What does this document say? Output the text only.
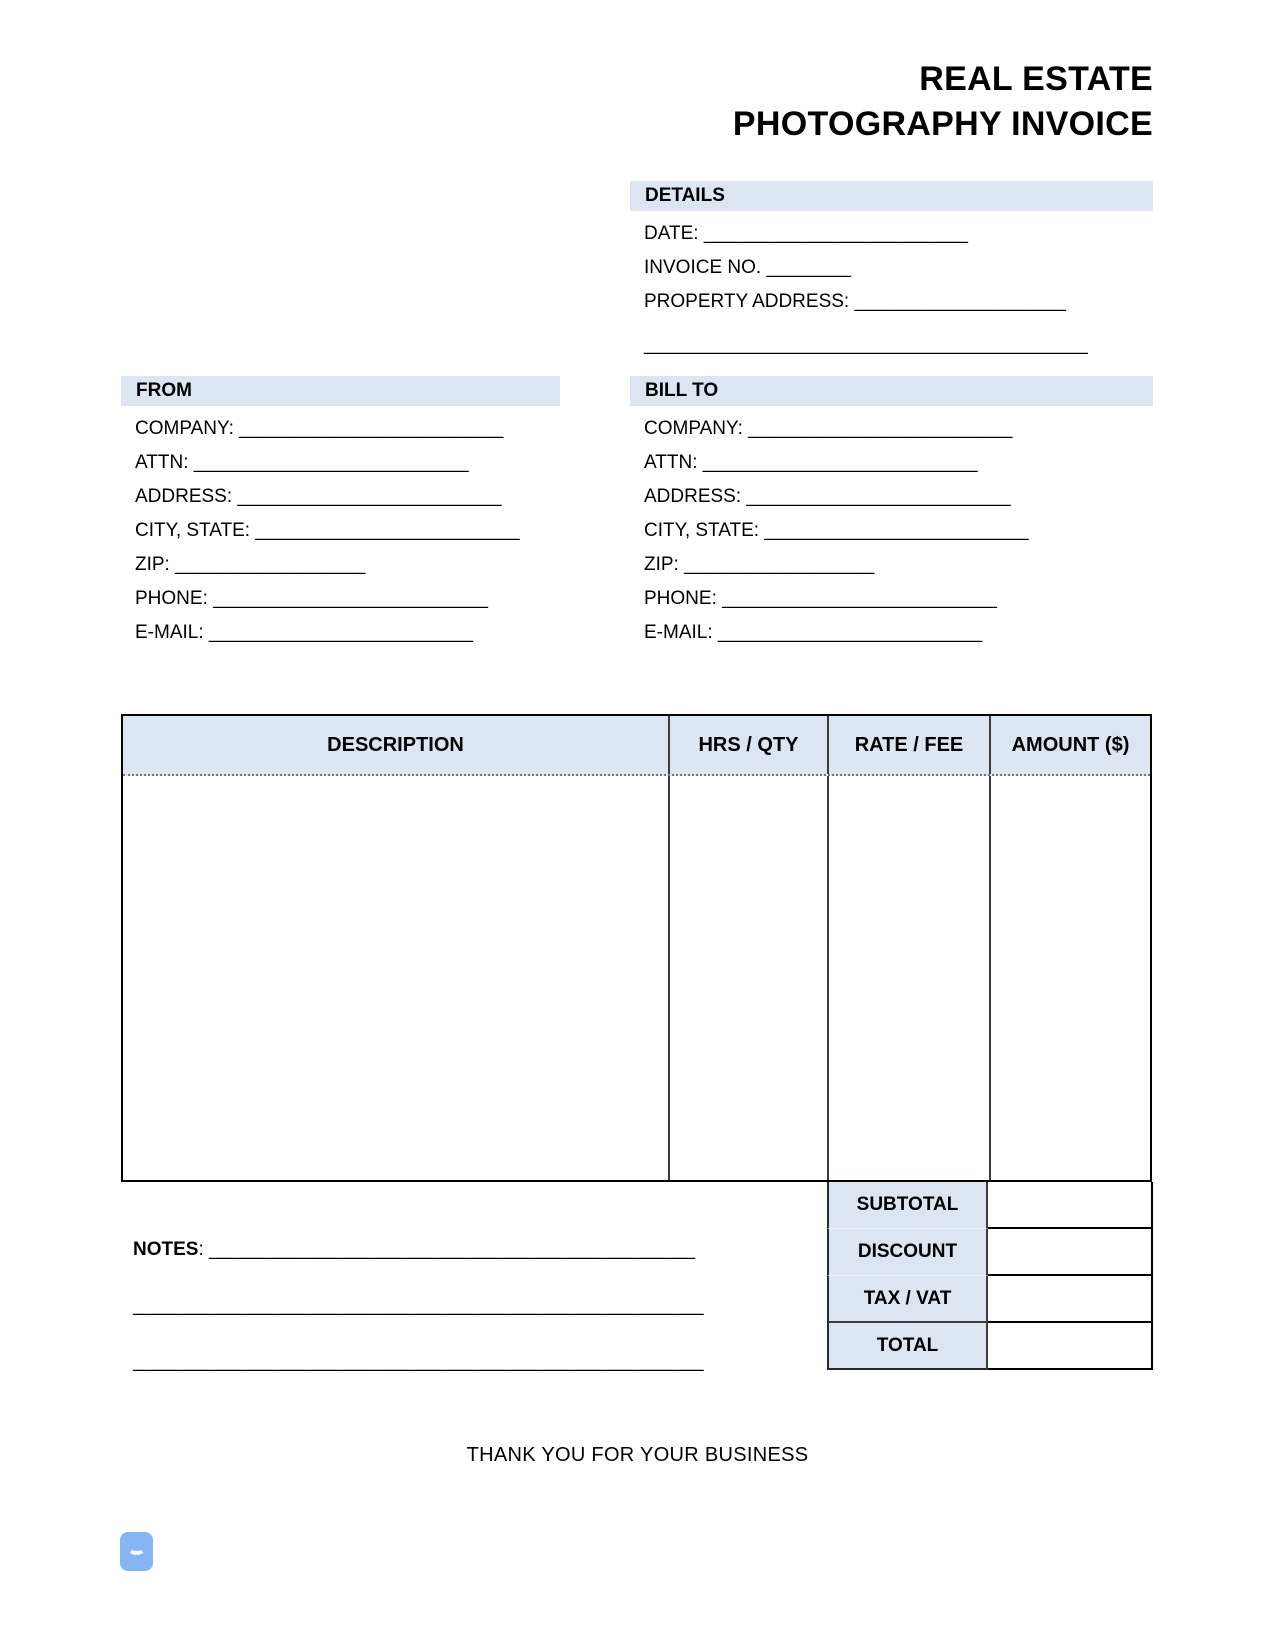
REAL ESTATE
PHOTOGRAPHY INVOICE
DETAILS
DATE: _________________________
INVOICE NO. ________
PROPERTY ADDRESS: ____________________
__________________________________________
FROM
COMPANY: _________________________
ATTN: __________________________
ADDRESS: _________________________
CITY, STATE: _________________________
ZIP: __________________
PHONE: __________________________
E-MAIL: _________________________
BILL TO
COMPANY: _________________________
ATTN: __________________________
ADDRESS: _________________________
CITY, STATE: _________________________
ZIP: __________________
PHONE: __________________________
E-MAIL: _________________________
DESCRIPTION	HRS / QTY	RATE / FEE	AMOUNT ($)
SUBTOTAL
DISCOUNT
TAX / VAT
TOTAL
NOTES: ______________________________________________
______________________________________________________
______________________________________________________
THANK YOU FOR YOUR BUSINESS
